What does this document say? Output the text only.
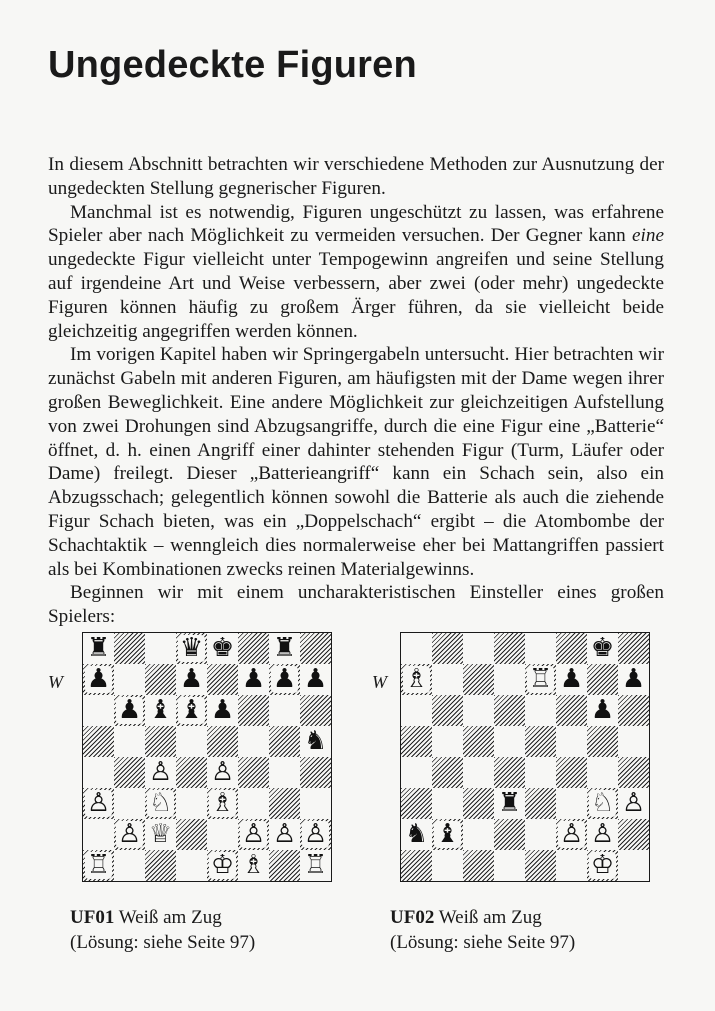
Ungedeckte Figuren

In diesem Abschnitt betrachten wir verschiedene Methoden zur Ausnutzung der ungedeckten Stellung gegnerischer Figuren.

Manchmal ist es notwendig, Figuren ungeschützt zu lassen, was erfahrene Spieler aber nach Möglichkeit zu vermeiden versuchen. Der Gegner kann eine ungedeckte Figur vielleicht unter Tempogewinn angreifen und seine Stellung auf irgendeine Art und Weise verbessern, aber zwei (oder mehr) ungedeckte Figuren können häufig zu großem Ärger führen, da sie vielleicht beide gleichzeitig angegriffen werden können.

Im vorigen Kapitel haben wir Springergabeln untersucht. Hier betrachten wir zunächst Gabeln mit anderen Figuren, am häufigsten mit der Dame wegen ihrer großen Beweglichkeit. Eine andere Möglichkeit zur gleichzeitigen Aufstellung von zwei Drohungen sind Abzugsangriffe, durch die eine Figur eine „Batterie“ öffnet, d. h. einen Angriff einer dahinter stehenden Figur (Turm, Läufer oder Dame) freilegt. Dieser „Batterieangriff“ kann ein Schach sein, also ein Abzugsschach; gelegentlich können sowohl die Batterie als auch die ziehende Figur Schach bieten, was ein „Doppelschach“ ergibt – die Atombombe der Schachtaktik – wenngleich dies normalerweise eher bei Mattangriffen passiert als bei Kombinationen zwecks reinen Materialgewinns.

Beginnen wir mit einem uncharakteristischen Einsteller eines großen Spielers:

W
♜	♛ ♚ ♜
♟	♟ ♟ ♟ ♟
♟ ♝ ♝ ♟
♞
♙ ♙
♙ ♘ ♗
♙ ♕	♙ ♙ ♙
♖	♔ ♗ ♖
W
♚
♗	♖ ♟ ♟
♟
♜	♘ ♙
♞ ♝	♙ ♙
♔
UF01 Weiß am Zug
(Lösung: siehe Seite 97)
UF02 Weiß am Zug
(Lösung: siehe Seite 97)
